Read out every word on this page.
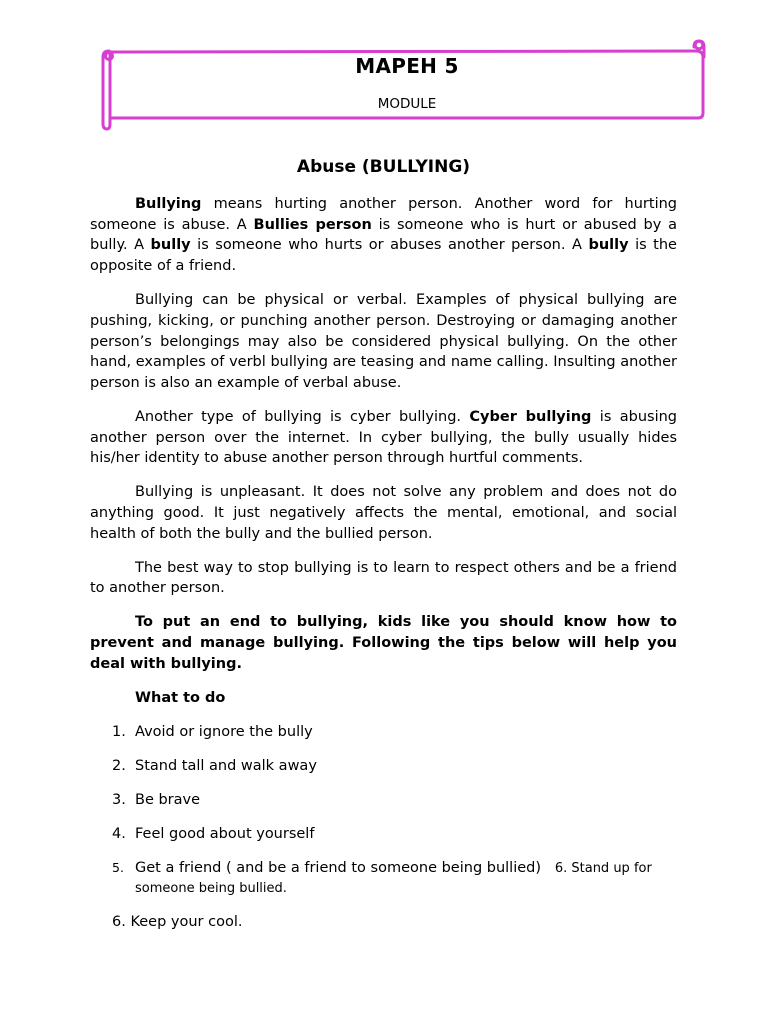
MAPEH 5
MODULE
Abuse (BULLYING)

Bullying means hurting another person. Another word for hurting someone is abuse. A Bullies person is someone who is hurt or abused by a bully. A bully is someone who hurts or abuses another person. A bully is the opposite of a friend.

Bullying can be physical or verbal. Examples of physical bullying are pushing, kicking, or punching another person. Destroying or damaging another person’s belongings may also be considered physical bullying. On the other hand, examples of verbl bullying are teasing and name calling. Insulting another person is also an example of verbal abuse.

Another type of bullying is cyber bullying. Cyber bullying is abusing another person over the internet. In cyber bullying, the bully usually hides his/her identity to abuse another person through hurtful comments.

Bullying is unpleasant. It does not solve any problem and does not do anything good. It just negatively affects the mental, emotional, and social health of both the bully and the bullied person.

The best way to stop bullying is to learn to respect others and be a friend to another person.

To put an end to bullying, kids like you should know how to prevent and manage bullying. Following the tips below will help you deal with bullying.

What to do
1. Avoid or ignore the bully
2. Stand tall and walk away
3. Be brave
4. Feel good about yourself
5. Get a friend ( and be a friend to someone being bullied) 6. Stand up for someone being bullied.
6. Keep your cool.
